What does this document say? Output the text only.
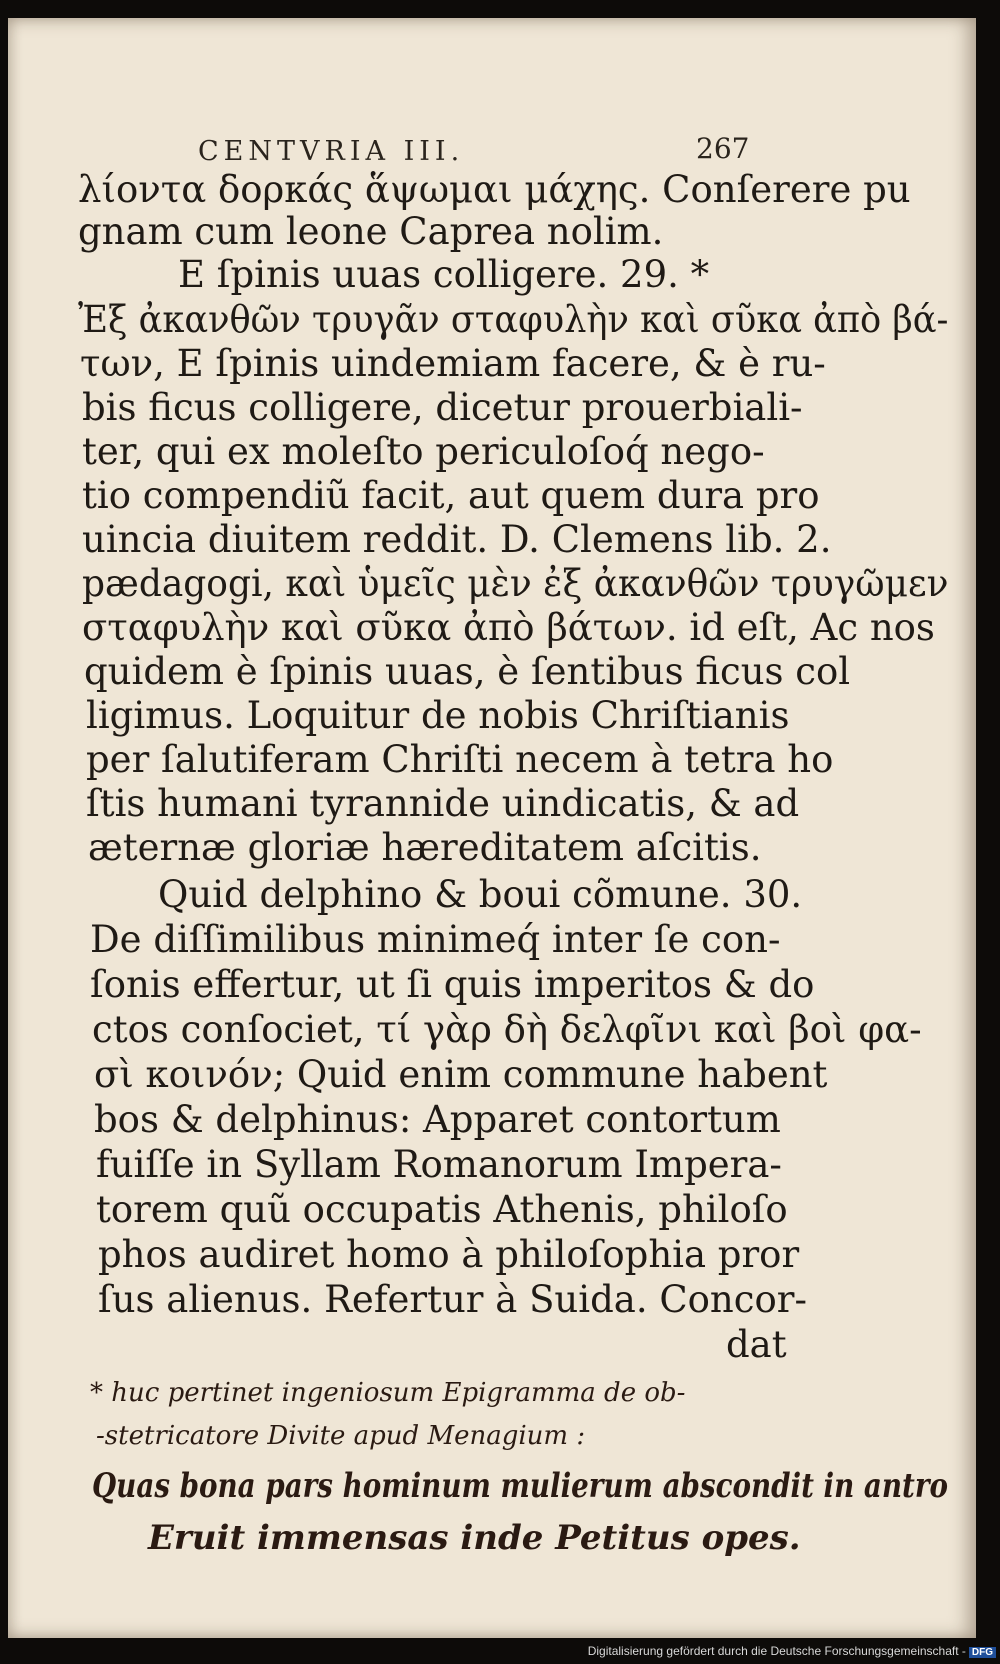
CENTVRIA III.	267
λίοντα δορκάς ἅψωμαι μάχης. Conſerere pu
gnam cum leone Caprea nolim.
E ſpinis uuas colligere. 29. *
Ἐξ ἀκανθῶν τρυγᾶν σταφυλὴν καὶ σῦκα ἀπὸ βά-
των, E ſpinis uindemiam facere, & è ru-
bis ficus colligere, dicetur prouerbiali-
ter, qui ex moleſto periculoſoq́ nego-
tio compendiũ facit, aut quem dura pro
uincia diuitem reddit. D. Clemens lib. 2.
pædagogi, καὶ ὑμεῖς μὲν ἐξ ἀκανθῶν τρυγῶμεν
σταφυλὴν καὶ σῦκα ἀπὸ βάτων. id eſt, Ac nos
quidem è ſpinis uuas, è ſentibus ficus col
ligimus. Loquitur de nobis Chriſtianis
per ſalutiferam Chriſti necem à tetra ho
ſtis humani tyrannide uindicatis, & ad
æternæ gloriæ hæreditatem aſcitis.
Quid delphino & boui cõmune. 30.
De diſſimilibus minimeq́ inter ſe con-
ſonis effertur, ut ſi quis imperitos & do
ctos conſociet, τί γὰρ δὴ δελφῖνι καὶ βοὶ φα-
σὶ κοινόν; Quid enim commune habent
bos & delphinus: Apparet contortum
fuiſſe in Syllam Romanorum Impera-
torem quũ occupatis Athenis, philoſo
phos audiret homo à philoſophia pror
ſus alienus. Refertur à Suida. Concor-
dat
* huc pertinet ingeniosum Epigramma de ob-
-stetricatore Divite apud Menagium :
Quas bona pars hominum mulierum abscondit in antro
Eruit immensas inde Petitus opes.
Digitalisierung gefördert durch die Deutsche Forschungsgemeinschaft - DFG
